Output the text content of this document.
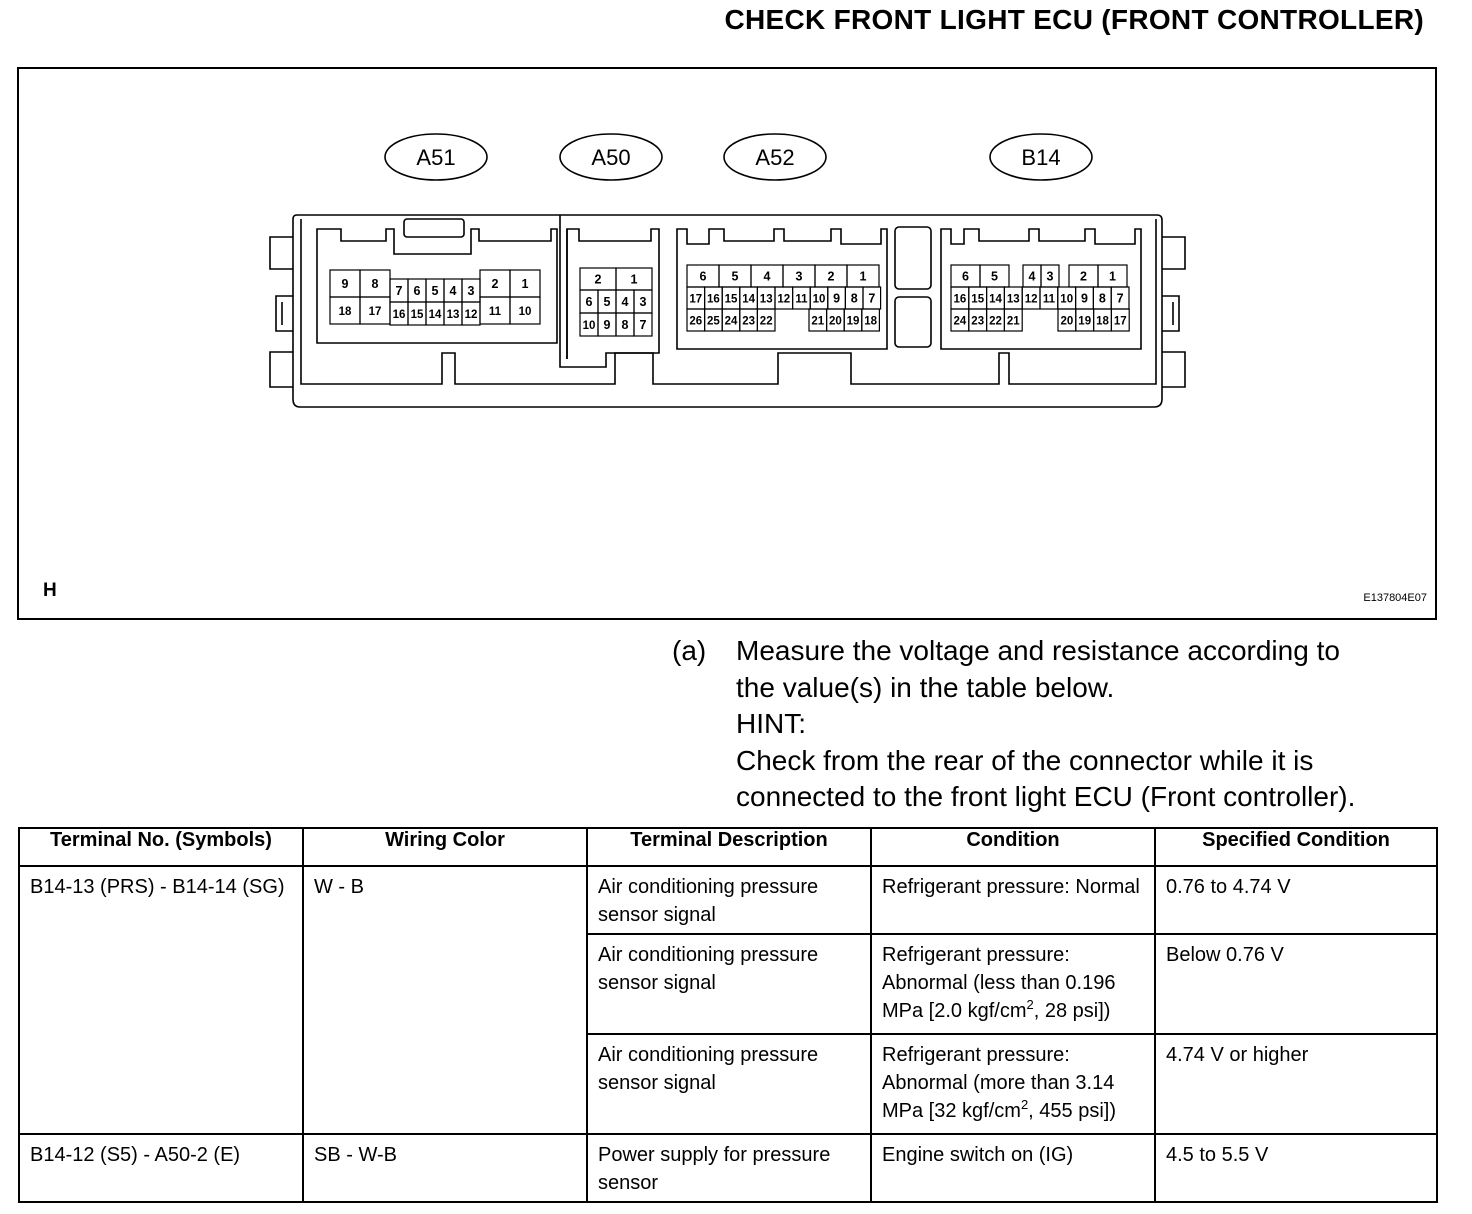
CHECK FRONT LIGHT ECU (FRONT CONTROLLER)
9 8
18 17
7 6 5 4 3
16 15 14 13 12
2 1
11 10
2 1
6 5 4 3
10 9 8 7
6 5 4 3 2 1
17 16 15 14 13 12 11 10 9 8 7
26 25 24 23 22	21 20 19 18
6 5 4 3 2 1
16 15 14 13 12 11 10 9 8 7
24 23 22 21	20 19 18 17
A51	A50	A52	B14
H	E137804E07
(a)	Measure the voltage and resistance according to
the value(s) in the table below.
HINT:
Check from the rear of the connector while it is
connected to the front light ECU (Front controller).
Terminal No. (Symbols)	Wiring Color	Terminal Description	Condition	Specified Condition
B14-13 (PRS) - B14-14 (SG)	W - B	Air conditioning pressure sensor signal	Refrigerant pressure: Normal	0.76 to 4.74 V
		Air conditioning pressure sensor signal	Refrigerant pressure: Abnormal (less than 0.196 MPa [2.0 kgf/$cm^2$, 28 psi])	Below 0.76 V
		Air conditioning pressure sensor signal	Refrigerant pressure: Abnormal (more than 3.14 MPa [32 kgf/$cm^2$, 455 psi])	4.74 V or higher
B14-12 (S5) - A50-2 (E)	SB - W-B	Power supply for pressure sensor	Engine switch on (IG)	4.5 to 5.5 V
